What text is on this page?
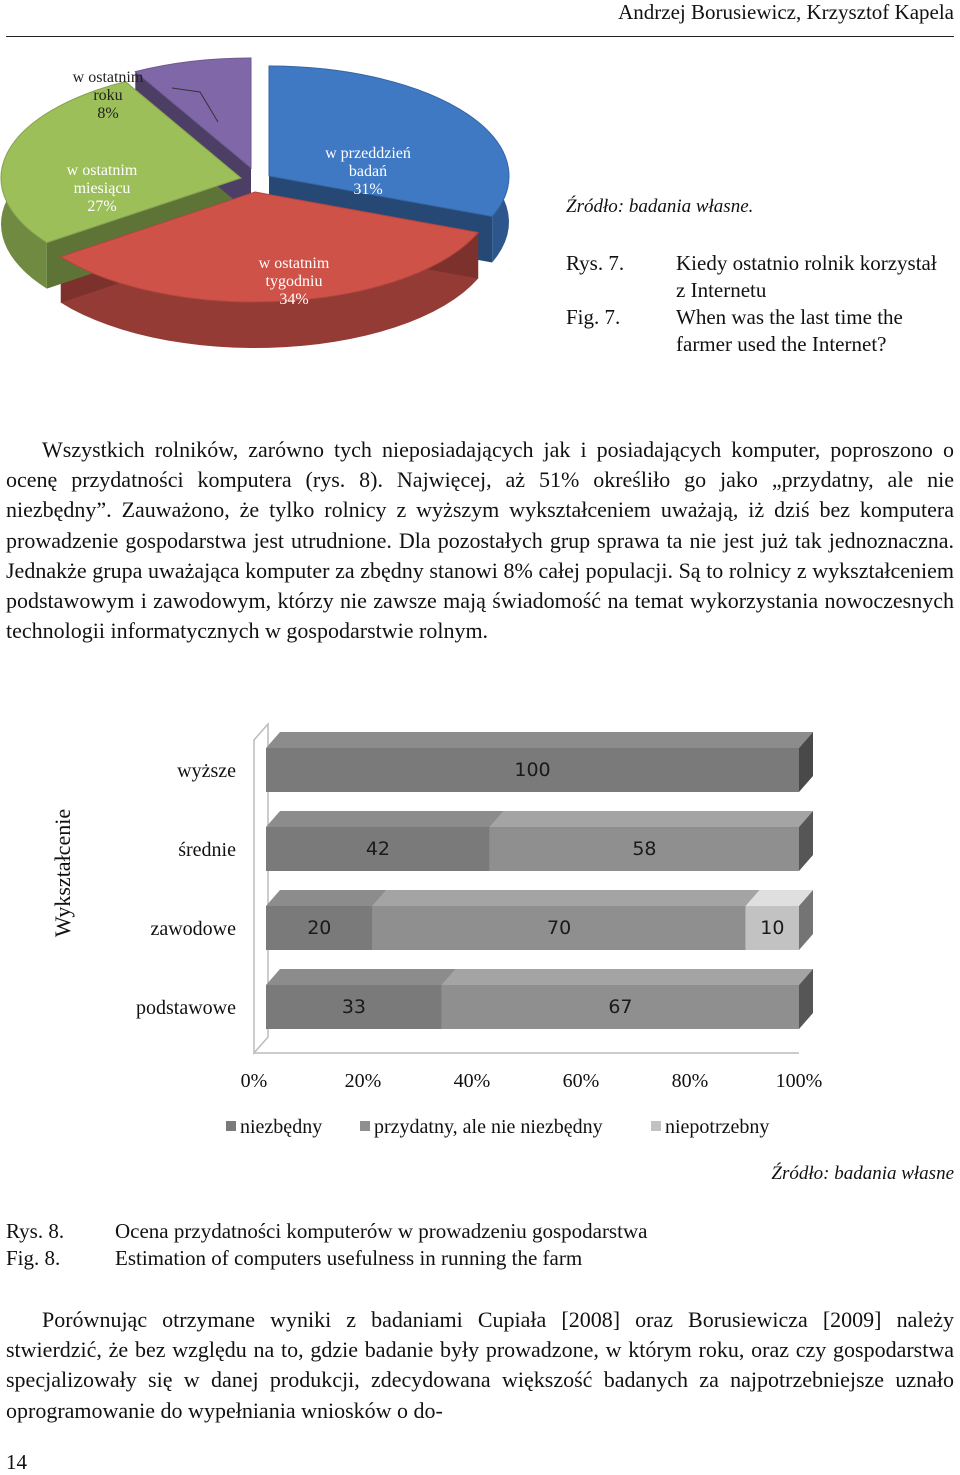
Andrzej Borusiewicz, Krzysztof Kapela
w przeddzień badań 31%
w ostatnim tygodniu 34%
w ostatnim miesiącu 27%
w ostatnim roku 8%
Źródło: badania własne.
Rys. 7.	Kiedy ostatnio rolnik korzystał z Internetu
Fig. 7.	When was the last time the farmer used the Internet?

Wszystkich rolników, zarówno tych nieposiadających jak i posiadających komputer, poproszono o ocenę przydatności komputera (rys. 8). Najwięcej, aż 51% określiło go jako „przydatny, ale nie niezbędny”. Zauważono, że tylko rolnicy z wyższym wykształceniem uważają, iż dziś bez komputera prowadzenie gospodarstwa jest utrudnione. Dla pozostałych grup sprawa ta nie jest już tak jednoznaczna. Jednakże grupa uważająca komputer za zbędny stanowi 8% całej populacji. Są to rolnicy z wykształceniem podstawowym i zawodowym, którzy nie zawsze mają świadomość na temat wykorzystania nowoczesnych technologii informatycznych w gospodarstwie rolnym.

100
wyższe
42	58
średnie
20	70	10
zawodowe
33	67
podstawowe
0%	20%	40%	60%	80%	100%
Wykształcenie
niezbędny	przydatny, ale nie niezbędny	niepotrzebny
Źródło: badania własne
Rys. 8.	Ocena przydatności komputerów w prowadzeniu gospodarstwa
Fig. 8.	Estimation of computers usefulness in running the farm

Porównując otrzymane wyniki z badaniami Cupiała [2008] oraz Borusiewicza [2009] należy stwierdzić, że bez względu na to, gdzie badanie były prowadzone, w którym roku, oraz czy gospodarstwa specjalizowały się w danej produkcji, zdecydowana większość badanych za najpotrzebniejsze uznało oprogramowanie do wypełniania wniosków o do-

14
